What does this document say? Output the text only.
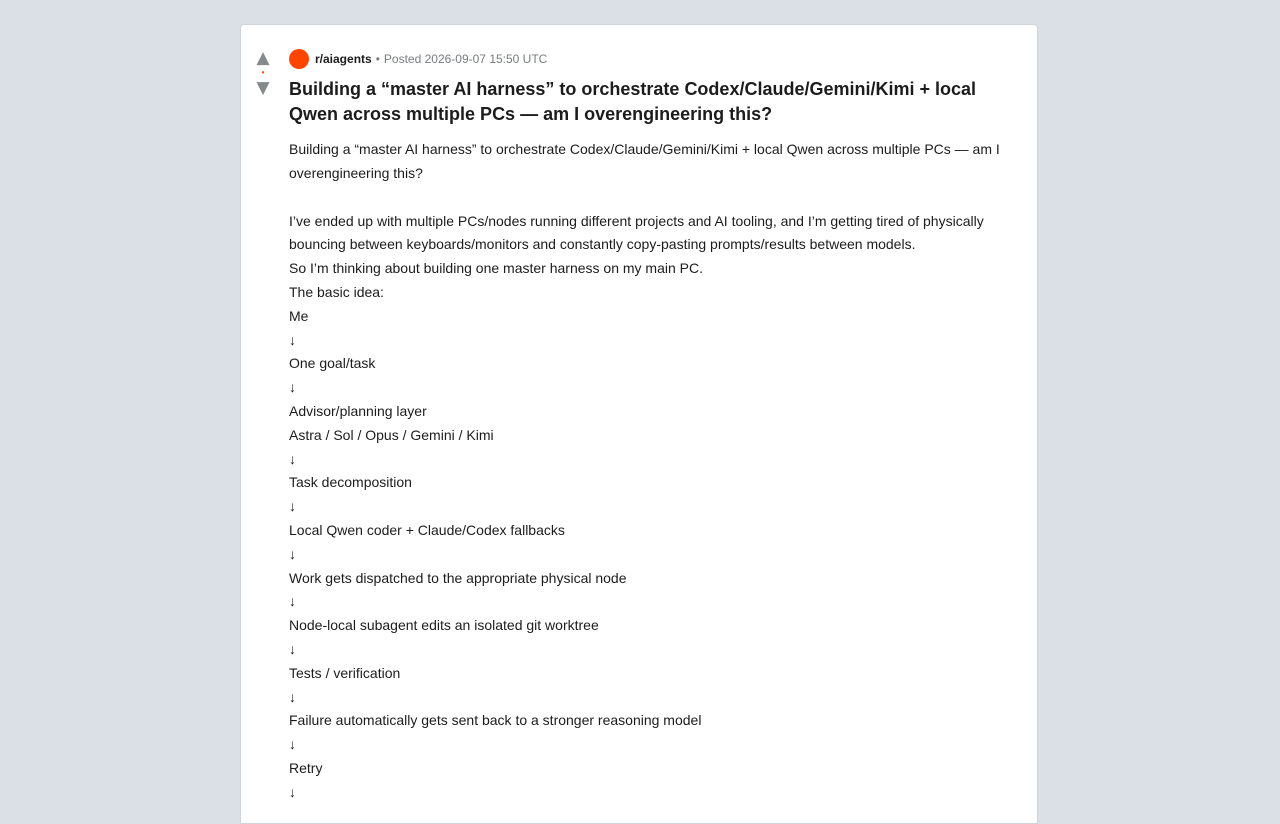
▲
•
▼
r/aiagents • Posted 2026-09-07 15:50 UTC
Building a “master AI harness” to orchestrate Codex/Claude/Gemini/Kimi + local Qwen across multiple PCs — am I overengineering this?
Building a “master AI harness” to orchestrate Codex/Claude/Gemini/Kimi + local Qwen across multiple PCs — am I overengineering this?
I’ve ended up with multiple PCs/nodes running different projects and AI tooling, and I’m getting tired of physically bouncing between keyboards/monitors and constantly copy-pasting prompts/results between models.
So I’m thinking about building one master harness on my main PC.
The basic idea:
Me
↓
One goal/task
↓
Advisor/planning layer
Astra / Sol / Opus / Gemini / Kimi
↓
Task decomposition
↓
Local Qwen coder + Claude/Codex fallbacks
↓
Work gets dispatched to the appropriate physical node
↓
Node-local subagent edits an isolated git worktree
↓
Tests / verification
↓
Failure automatically gets sent back to a stronger reasoning model
↓
Retry
↓
